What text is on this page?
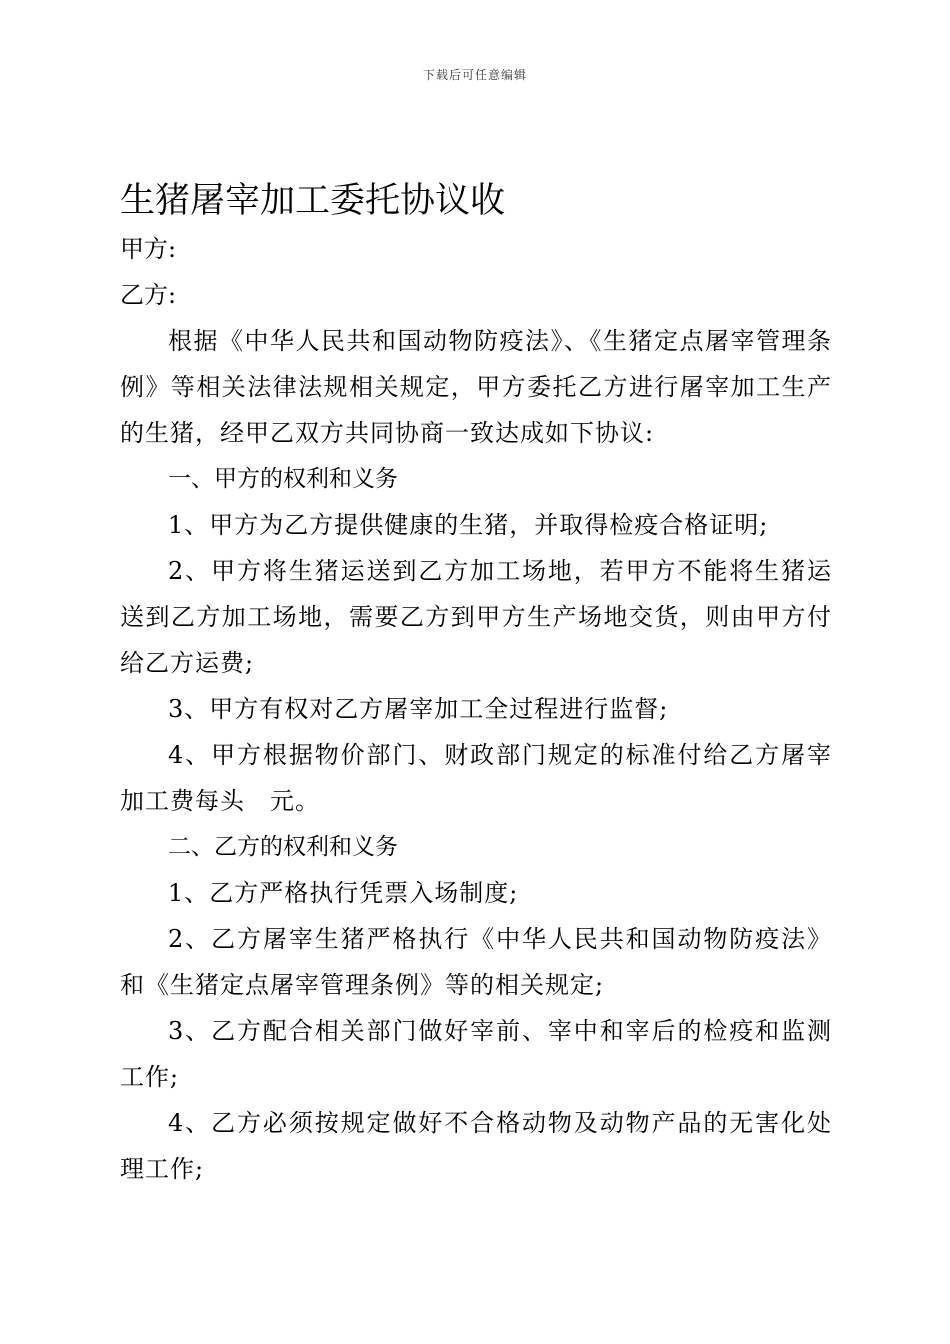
下载后可任意编辑
生猪屠宰加工委托协议收

甲方:

乙方:

根据《中华人民共和国动物防疫法》、《生猪定点屠宰管理条例》等相关法律法规相关规定，甲方委托乙方进行屠宰加工生产的生猪，经甲乙双方共同协商一致达成如下协议:

一、甲方的权利和义务

1、甲方为乙方提供健康的生猪，并取得检疫合格证明;

2、甲方将生猪运送到乙方加工场地，若甲方不能将生猪运送到乙方加工场地，需要乙方到甲方生产场地交货，则由甲方付给乙方运费;

3、甲方有权对乙方屠宰加工全过程进行监督;

4、甲方根据物价部门、财政部门规定的标准付给乙方屠宰加工费每头　元。

二、乙方的权利和义务

1、乙方严格执行凭票入场制度;

2、乙方屠宰生猪严格执行《中华人民共和国动物防疫法》和《生猪定点屠宰管理条例》等的相关规定;

3、乙方配合相关部门做好宰前、宰中和宰后的检疫和监测工作;

4、乙方必须按规定做好不合格动物及动物产品的无害化处理工作;
